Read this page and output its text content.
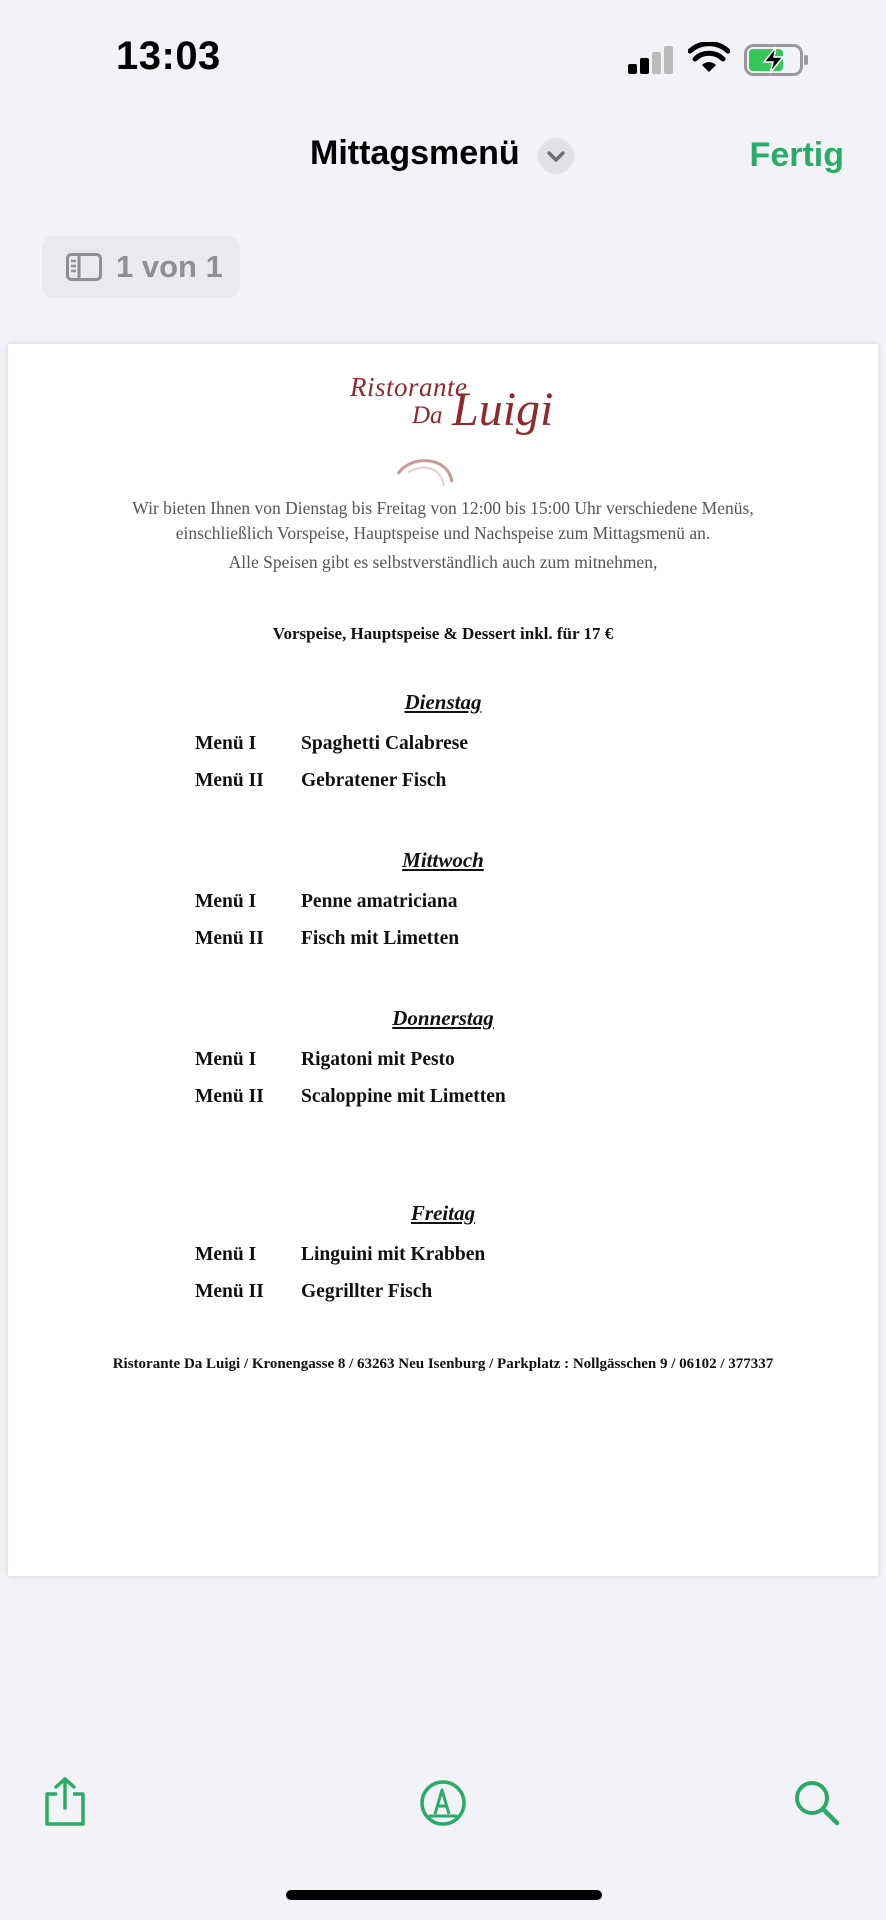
13:03
Mittagsmenü	Fertig
1 von 1
Ristorante
Da Luigi
Wir bieten Ihnen von Dienstag bis Freitag von 12:00 bis 15:00 Uhr verschiedene Menüs,
einschließlich Vorspeise, Hauptspeise und Nachspeise zum Mittagsmenü an.
Alle Speisen gibt es selbstverständlich auch zum mitnehmen,
Vorspeise, Hauptspeise & Dessert inkl. für 17 €
Dienstag
Menü I Spaghetti Calabrese
Menü II Gebratener Fisch
Mittwoch
Menü I Penne amatriciana
Menü II Fisch mit Limetten
Donnerstag
Menü I Rigatoni mit Pesto
Menü II Scaloppine mit Limetten
Freitag
Menü I Linguini mit Krabben
Menü II Gegrillter Fisch
Ristorante Da Luigi / Kronengasse 8 / 63263 Neu Isenburg / Parkplatz : Nollgässchen 9 / 06102 / 377337
